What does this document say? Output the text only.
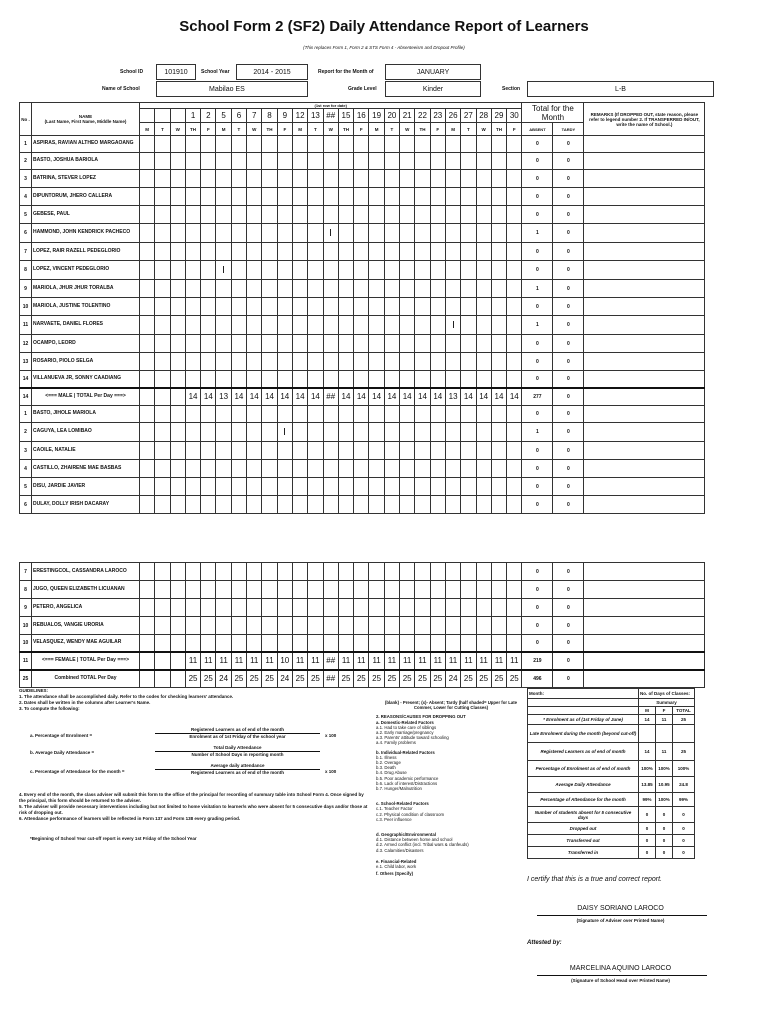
School Form 2 (SF2) Daily Attendance Report of Learners
(This replaces Form 1, Form 2 & STS Form 4 - Absenteeism and Dropout Profile)
School ID	101910	School Year	2014 - 2015	Report for the Month of	JANUARY
Name of School	Mabilao ES	Grade Level	Kinder	Section	L-B
No .	NAME
(Last Name, First Name, Middle Name)	(1st row for date)																									Total for the Month		REMARKS (If DROPPED OUT, state reason, please refer to legend number 2. If TRANSFERRED IN/OUT, write the name of School.)
					1	2	5	6	7	8	9	12	13	##	15	16	19	20	21	22	23	26	27	28	29	30			
		M	T	W	TH	F	M	T	W	TH	F	M	T	W	TH	F	M	T	W	TH	F	M	T	W	TH	F	ABSENT	TARDY	
1	ASPIRAS, RAVIAN ALTHEO MARGAOANG																										0	0	
2	BASTO, JOSHUA BARIOLA																										0	0	
3	BATRINA, STEVER LOPEZ																										0	0	
4	DIPUNTORUM, JHERO CALLERA																										0	0	
5	GEBESE, PAUL																										0	0	
6	HAMMOND, JOHN KENDRICK PACHECO																										1	0	
7	LOPEZ, RAIR RAZELL PEDEGLORIO																										0	0	
8	LOPEZ, VINCENT PEDEGLORIO																										0	0	
9	MARIOLA, JHUR JHUR TORALBA																										1	0	
10	MARIOLA, JUSTINE TOLENTINO																										0	0	
11	NARVAETE, DANIEL FLORES																										1	0	
12	OCAMPO, LEORD																										0	0	
13	ROSARIO, PIOLO SELGA																										0	0	
14	VILLANUEVA JR, SONNY CAADIANG																										0	0	
14	<=== MALE | TOTAL Per Day ===>				14	14	13	14	14	14	14	14	14	##	14	14	14	14	14	14	14	13	14	14	14	14	277	0	
1	BASTO, JIHOLE MARIOLA																										0	0	
2	CAGUYA, LEA LOMIBAO																										1	0	
3	CAOILE, NATALIE																										0	0	
4	CASTILLO, ZHAIRENE MAE BASBAS																										0	0	
5	DISU, JARDIE JAVIER																										0	0	
6	DULAY, DOLLY IRISH DACARAY																										0	0	
7	ERESTINGCOL, CASSANDRA LAROCO																										0	0	
8	JUGO, QUEEN ELIZABETH LICUANAN																										0	0	
9	PETERO, ANGELICA																										0	0	
10	REBUALOS, VANGIE URORIA																										0	0	
10	VELASQUEZ, WENDY MAE AGUILAR																										0	0	
11	<=== FEMALE | TOTAL Per Day ===>				11	11	11	11	11	11	10	11	11	##	11	11	11	11	11	11	11	11	11	11	11	11	219	0	
25	Combined TOTAL Per Day				25	25	24	25	25	25	24	25	25	##	25	25	25	25	25	25	25	24	25	25	25	25	496	0	
GUIDELINES:
1. The attendance shall be accomplished daily. Refer to the codes for checking learners' attendance.
2. Dates shall be written in the columns after Learner's Name.
3. To compute the following:
a. Percentage of Enrolment =
Registered Learners as of end of the month
Enrolment as of 1st Friday of the school year	x 100
b. Average Daily Attendance =
Total Daily Attendance
Number of School Days in reporting month
c. Percentage of Attendance for the month =
Average daily attendance
Registered Learners as of end of the month	x 100
4. Every end of the month, the class adviser will submit this form to the office of the principal for recording of summary table into School Form 4. Once signed by the principal, this form should be returned to the adviser.
5. The adviser will provide necessary interventions including but not limited to home visitation to learner/s who were absent for 5 consecutive days and/or those at risk of dropping out.
6. Attendance performance of learners will be reflected in Form 137 and Form 138 every grading period.
*Beginning of School Year cut-off report is every 1st Friday of the School Year
(blank) - Present; (x)- Absent; Tardy (half shaded= Upper for Late Commer, Lower for Cutting Classes)
2. REASONS/CAUSES FOR DROPPING OUT
a. Domestic-Related Factors
a.1. Had to take care of siblings
a.2. Early marriage/pregnancy
a.3. Parents' attitude toward schooling
a.4. Family problems
b. Individual-Related Factors
b.1. Illness
b.2. Overage
b.3. Death
b.4. Drug Abuse
b.5. Poor academic performance
b.6. Lack of interest/Distractions
b.7. Hunger/Malnutrition
c. School-Related Factors
c.1. Teacher Factor
c.2. Physical condition of classroom
c.3. Peer influence
d. Geographic/Environmental
d.1. Distance between home and school
d.2. Armed conflict (incl. Tribal wars & clanfeuds)
d.3. Calamities/Disasters
e. Financial-Related
e.1. Child labor, work
f. Others (Specify)
Month:	No. of Days of Classes:		
	Summary		
	M	F	TOTAL
* Enrolment as of (1st Friday of June)	14	11	25
Late Enrolment during the month (beyond cut-off)			
Registered Learners as of end of month	14	11	25
Percentage of Enrolment as of end of month	100%	100%	100%
Average Daily Attendance	13.85	10.95	24.8
Percentage of Attendance for the month	99%	100%	99%
Number of students absent for 5 consecutive days	0	0	0
Dropped out	0	0	0
Transferred out	0	0	0
Transferred in	0	0	0
I certify that this is a true and correct report.
DAISY SORIANO LAROCO
(Signature of Adviser over Printed Name)
Attested by:
MARCELINA AQUINO LAROCO
(Signature of School Head over Printed Name)
